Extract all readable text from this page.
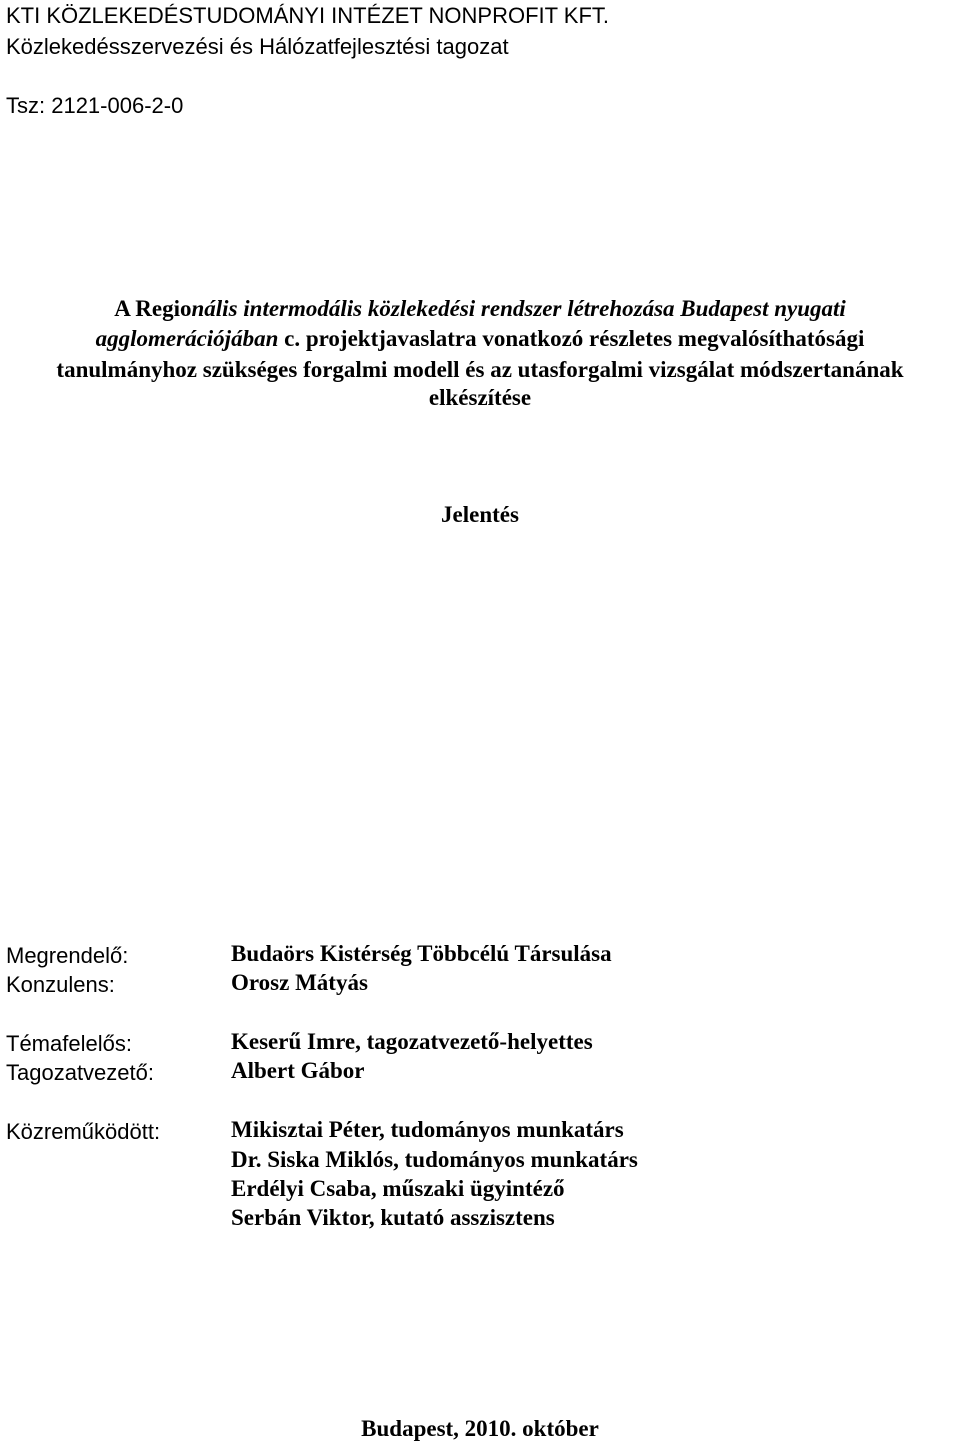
KTI KÖZLEKEDÉSTUDOMÁNYI INTÉZET NONPROFIT KFT.
Közlekedésszervezési és Hálózatfejlesztési tagozat
Tsz: 2121-006-2-0
A Regionális intermodális közlekedési rendszer létrehozása Budapest nyugati
agglomerációjában c. projektjavaslatra vonatkozó részletes megvalósíthatósági
tanulmányhoz szükséges forgalmi modell és az utasforgalmi vizsgálat módszertanának
elkészítése
Jelentés
Megrendelő:	Budaörs Kistérség Többcélú Társulása
Konzulens:	Orosz Mátyás
Témafelelős:	Keserű Imre, tagozatvezető-helyettes
Tagozatvezető:	Albert Gábor
Közreműködött:	Mikisztai Péter, tudományos munkatárs
Dr. Siska Miklós, tudományos munkatárs
Erdélyi Csaba, műszaki ügyintéző
Serbán Viktor, kutató asszisztens
Budapest, 2010. október
